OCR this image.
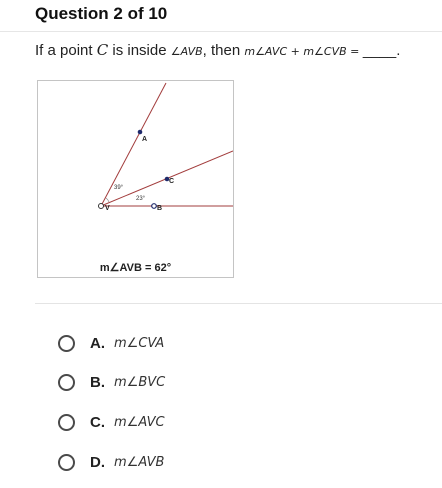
Question 2 of 10
If a point C is inside ∠AVB, then m∠AVC + m∠CVB = ____.
A
C
V	B
39°
23°
m∠AVB = 62°
A. m∠CVA
B. m∠BVC
C. m∠AVC
D. m∠AVB
